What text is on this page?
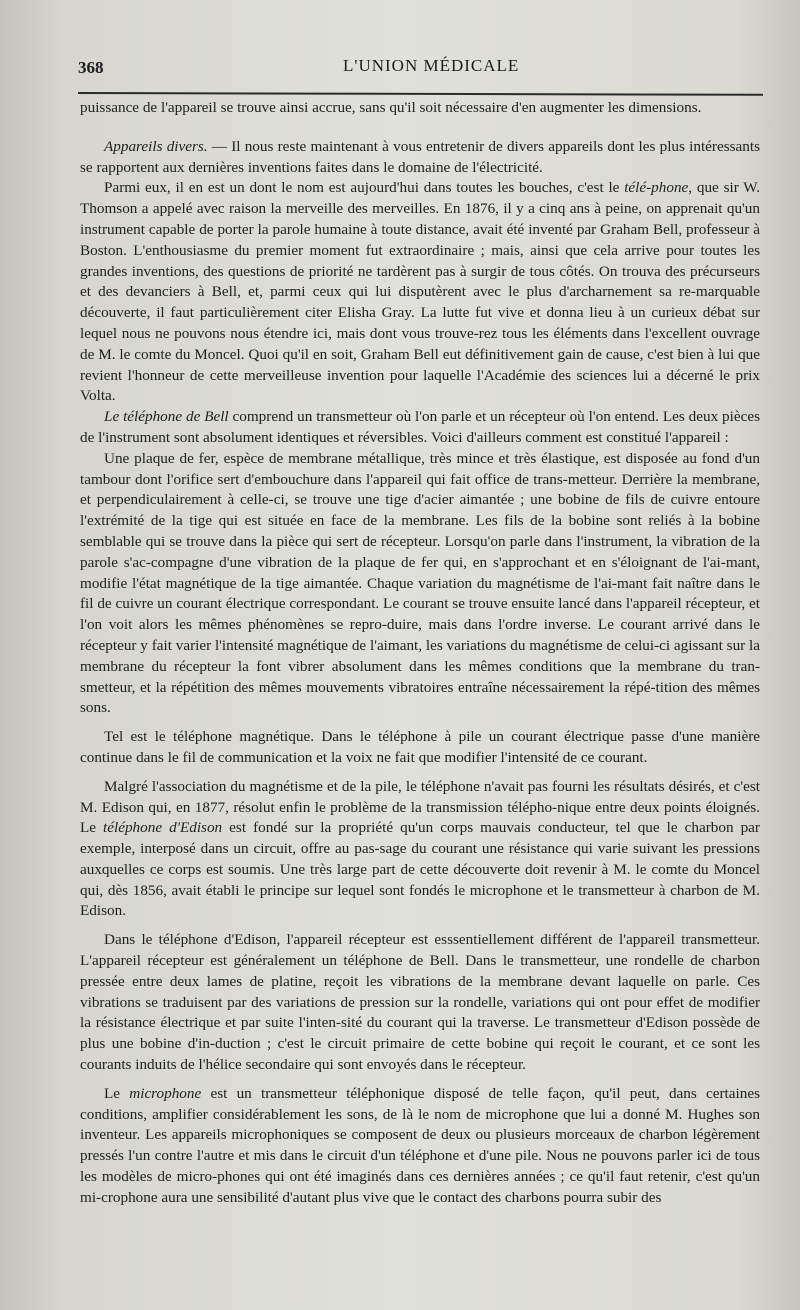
368	L'UNION MÉDICALE

puissance de l'appareil se trouve ainsi accrue, sans qu'il soit nécessaire d'en augmenter les dimensions.

Appareils divers. — Il nous reste maintenant à vous entretenir de divers appareils dont les plus intéressants se rapportent aux dernières inventions faites dans le domaine de l'électricité.

Parmi eux, il en est un dont le nom est aujourd'hui dans toutes les bouches, c'est le télé-phone, que sir W. Thomson a appelé avec raison la merveille des merveilles. En 1876, il y a cinq ans à peine, on apprenait qu'un instrument capable de porter la parole humaine à toute distance, avait été inventé par Graham Bell, professeur à Boston. L'enthousiasme du premier moment fut extraordinaire ; mais, ainsi que cela arrive pour toutes les grandes inventions, des questions de priorité ne tardèrent pas à surgir de tous côtés. On trouva des précurseurs et des devanciers à Bell, et, parmi ceux qui lui disputèrent avec le plus d'archarnement sa re-marquable découverte, il faut particulièrement citer Elisha Gray. La lutte fut vive et donna lieu à un curieux débat sur lequel nous ne pouvons nous étendre ici, mais dont vous trouve-rez tous les éléments dans l'excellent ouvrage de M. le comte du Moncel. Quoi qu'il en soit, Graham Bell eut définitivement gain de cause, c'est bien à lui que revient l'honneur de cette merveilleuse invention pour laquelle l'Académie des sciences lui a décerné le prix Volta.

Le téléphone de Bell comprend un transmetteur où l'on parle et un récepteur où l'on entend. Les deux pièces de l'instrument sont absolument identiques et réversibles. Voici d'ailleurs comment est constitué l'appareil :

Une plaque de fer, espèce de membrane métallique, très mince et très élastique, est disposée au fond d'un tambour dont l'orifice sert d'embouchure dans l'appareil qui fait office de trans-metteur. Derrière la membrane, et perpendiculairement à celle-ci, se trouve une tige d'acier aimantée ; une bobine de fils de cuivre entoure l'extrémité de la tige qui est située en face de la membrane. Les fils de la bobine sont reliés à la bobine semblable qui se trouve dans la pièce qui sert de récepteur. Lorsqu'on parle dans l'instrument, la vibration de la parole s'ac-compagne d'une vibration de la plaque de fer qui, en s'approchant et en s'éloignant de l'ai-mant, modifie l'état magnétique de la tige aimantée. Chaque variation du magnétisme de l'ai-mant fait naître dans le fil de cuivre un courant électrique correspondant. Le courant se trouve ensuite lancé dans l'appareil récepteur, et l'on voit alors les mêmes phénomènes se repro-duire, mais dans l'ordre inverse. Le courant arrivé dans le récepteur y fait varier l'intensité magnétique de l'aimant, les variations du magnétisme de celui-ci agissant sur la membrane du récepteur la font vibrer absolument dans les mêmes conditions que la membrane du tran-smetteur, et la répétition des mêmes mouvements vibratoires entraîne nécessairement la répé-tition des mêmes sons.

Tel est le téléphone magnétique. Dans le téléphone à pile un courant électrique passe d'une manière continue dans le fil de communication et la voix ne fait que modifier l'intensité de ce courant.

Malgré l'association du magnétisme et de la pile, le téléphone n'avait pas fourni les résultats désirés, et c'est M. Edison qui, en 1877, résolut enfin le problème de la transmission télépho-nique entre deux points éloignés. Le téléphone d'Edison est fondé sur la propriété qu'un corps mauvais conducteur, tel que le charbon par exemple, interposé dans un circuit, offre au pas-sage du courant une résistance qui varie suivant les pressions auxquelles ce corps est soumis. Une très large part de cette découverte doit revenir à M. le comte du Moncel qui, dès 1856, avait établi le principe sur lequel sont fondés le microphone et le transmetteur à charbon de M. Edison.

Dans le téléphone d'Edison, l'appareil récepteur est esssentiellement différent de l'appareil transmetteur. L'appareil récepteur est généralement un téléphone de Bell. Dans le transmetteur, une rondelle de charbon pressée entre deux lames de platine, reçoit les vibrations de la membrane devant laquelle on parle. Ces vibrations se traduisent par des variations de pression sur la rondelle, variations qui ont pour effet de modifier la résistance électrique et par suite l'inten-sité du courant qui la traverse. Le transmetteur d'Edison possède de plus une bobine d'in-duction ; c'est le circuit primaire de cette bobine qui reçoit le courant, et ce sont les courants induits de l'hélice secondaire qui sont envoyés dans le récepteur.

Le microphone est un transmetteur téléphonique disposé de telle façon, qu'il peut, dans certaines conditions, amplifier considérablement les sons, de là le nom de microphone que lui a donné M. Hughes son inventeur. Les appareils microphoniques se composent de deux ou plusieurs morceaux de charbon légèrement pressés l'un contre l'autre et mis dans le circuit d'un téléphone et d'une pile. Nous ne pouvons parler ici de tous les modèles de micro-phones qui ont été imaginés dans ces dernières années ; ce qu'il faut retenir, c'est qu'un mi-crophone aura une sensibilité d'autant plus vive que le contact des charbons pourra subir des
